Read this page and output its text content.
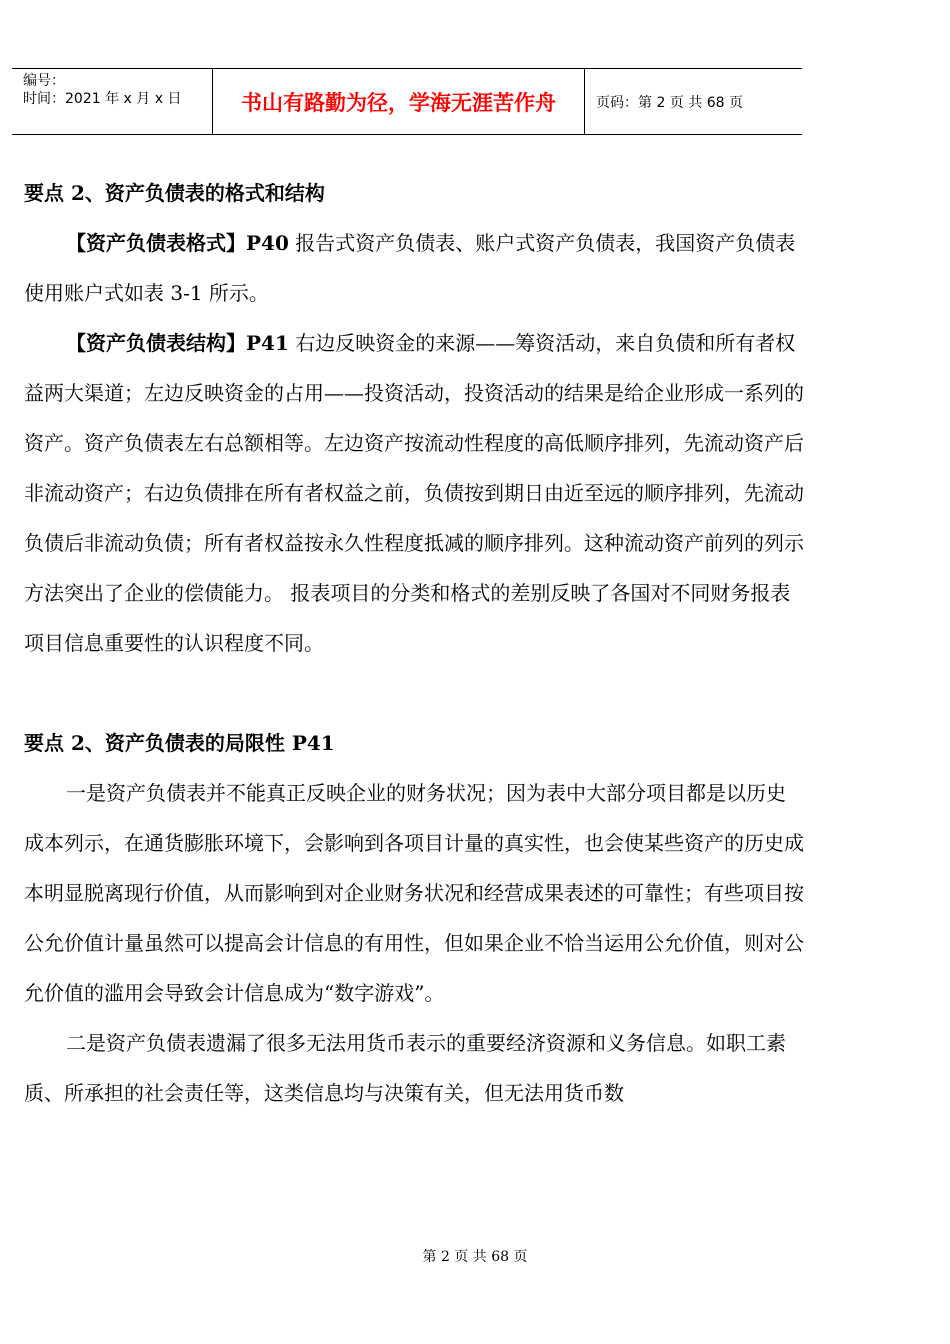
编号：
时间：2021 年 x 月 x 日	书山有路勤为径，学海无涯苦作舟	页码：第 2 页 共 68 页

要点 2、资产负债表的格式和结构

【资产负债表格式】P40 报告式资产负债表、账户式资产负债表，我国资产负债表使用账户式如表 3-1 所示。

【资产负债表结构】P41 右边反映资金的来源——筹资活动，来自负债和所有者权益两大渠道；左边反映资金的占用——投资活动，投资活动的结果是给企业形成一系列的资产。资产负债表左右总额相等。左边资产按流动性程度的高低顺序排列，先流动资产后非流动资产；右边负债排在所有者权益之前，负债按到期日由近至远的顺序排列，先流动负债后非流动负债；所有者权益按永久性程度抵减的顺序排列。这种流动资产前列的列示方法突出了企业的偿债能力。 报表项目的分类和格式的差别反映了各国对不同财务报表项目信息重要性的认识程度不同。

要点 2、资产负债表的局限性 P41

一是资产负债表并不能真正反映企业的财务状况；因为表中大部分项目都是以历史成本列示，在通货膨胀环境下，会影响到各项目计量的真实性，也会使某些资产的历史成本明显脱离现行价值，从而影响到对企业财务状况和经营成果表述的可靠性；有些项目按公允价值计量虽然可以提高会计信息的有用性，但如果企业不恰当运用公允价值，则对公允价值的滥用会导致会计信息成为“数字游戏”。

二是资产负债表遗漏了很多无法用货币表示的重要经济资源和义务信息。如职工素质、所承担的社会责任等，这类信息均与决策有关，但无法用货币数

第 2 页 共 68 页
